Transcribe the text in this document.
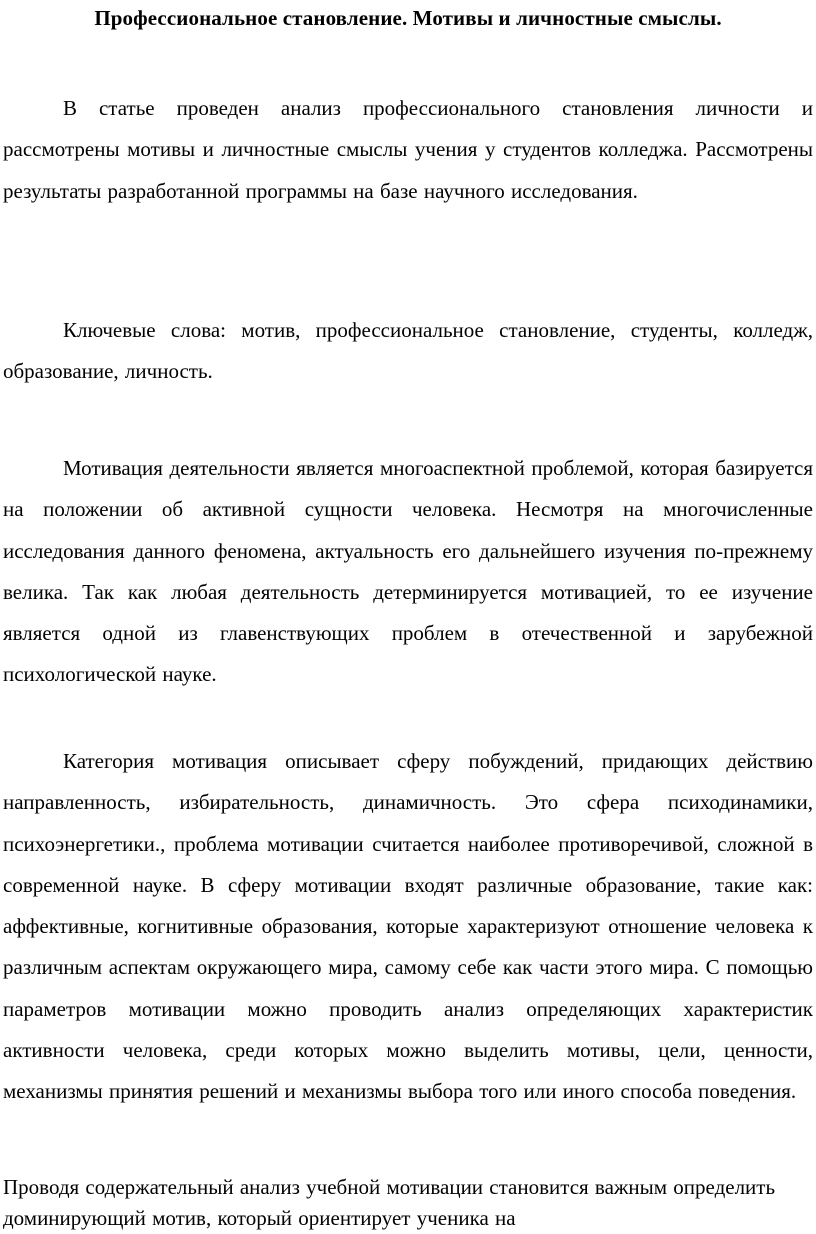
Профессиональное становление. Мотивы и личностные смыслы.
В статье проведен анализ профессионального становления личности и рассмотрены мотивы и личностные смыслы учения у студентов колледжа. Рассмотрены результаты разработанной программы на базе научного исследования.
Ключевые слова: мотив, профессиональное становление, студенты, колледж, образование, личность.
Мотивация деятельности является многоаспектной проблемой, которая базируется на положении об активной сущности человека. Несмотря на многочисленные исследования данного феномена, актуальность его дальнейшего изучения по-прежнему велика. Так как любая деятельность детерминируется мотивацией, то ее изучение является одной из главенствующих проблем в отечественной и зарубежной психологической науке.
Категория мотивация описывает сферу побуждений, придающих действию направленность, избирательность, динамичность. Это сфера психодинамики, психоэнергетики., проблема мотивации считается наиболее противоречивой, сложной в современной науке. В сферу мотивации входят различные образование, такие как: аффективные, когнитивные образования, которые характеризуют отношение человека к различным аспектам окружающего мира, самому себе как части этого мира. С помощью параметров мотивации можно проводить анализ определяющих характеристик активности человека, среди которых можно выделить мотивы, цели, ценности, механизмы принятия решений и механизмы выбора того или иного способа поведения.
Проводя содержательный анализ учебной мотивации становится важным определить доминирующий мотив, который ориентирует ученика на
